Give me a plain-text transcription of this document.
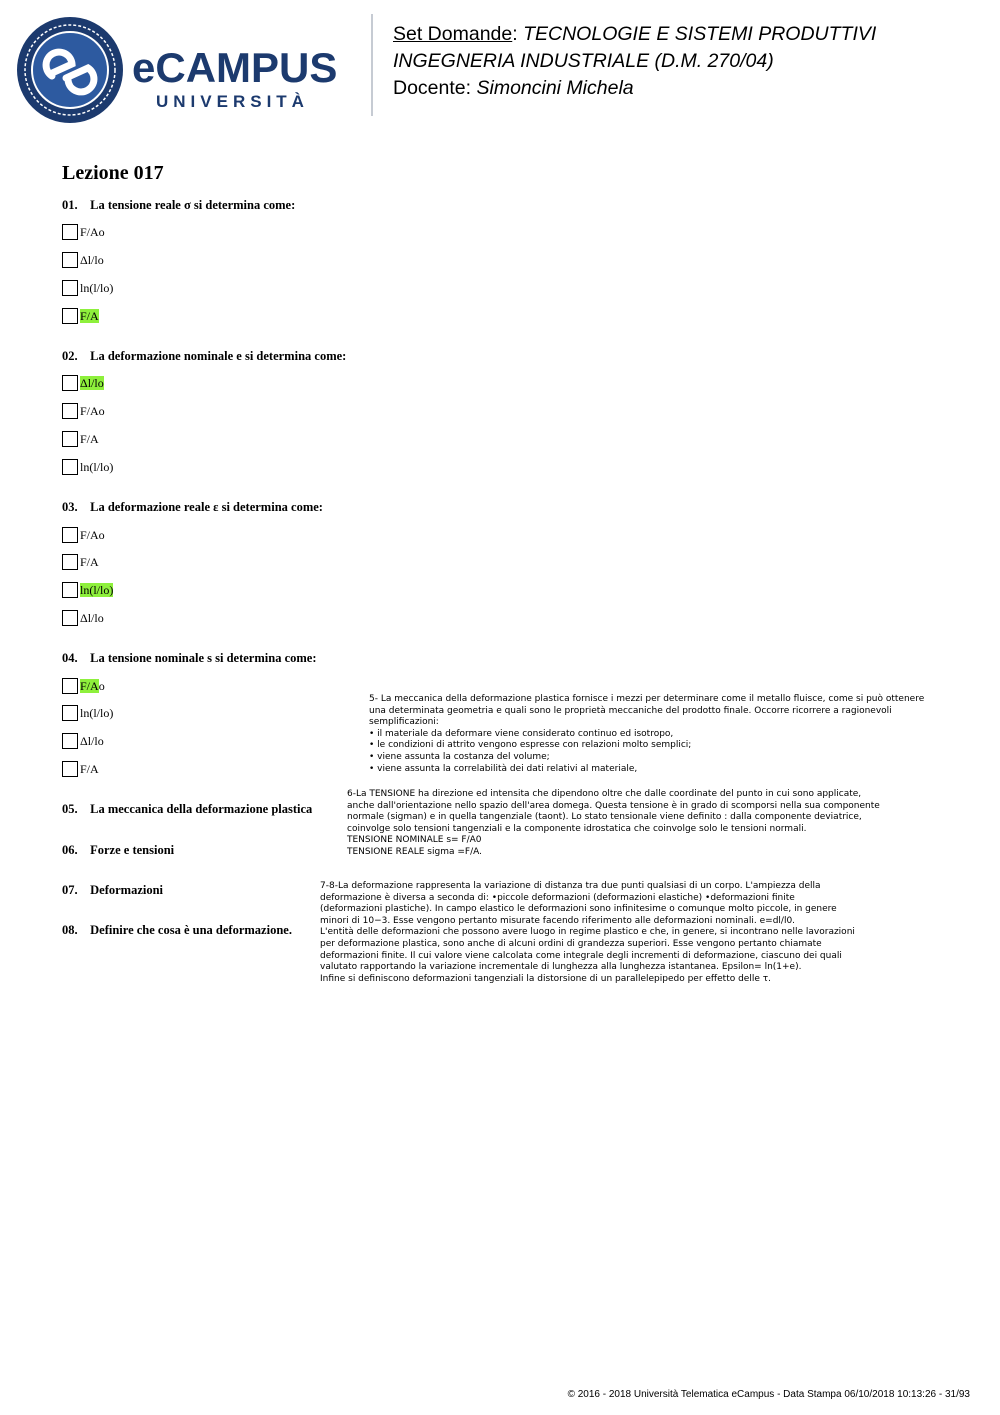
eCAMPUS
UNIVERSITÀ
Set Domande: TECNOLOGIE E SISTEMI PRODUTTIVI
INGEGNERIA INDUSTRIALE (D.M. 270/04)
Docente: Simoncini Michela
Lezione 017
01. La tensione reale σ si determina come:
F/Ao
Δl/lo
ln(l/lo)
F/A
02. La deformazione nominale e si determina come:
Δl/lo
F/Ao
F/A
ln(l/lo)
03. La deformazione reale ε si determina come:
F/Ao
F/A
ln(l/lo)
Δl/lo
04. La tensione nominale s si determina come:
F/Ao
ln(l/lo)
Δl/lo
F/A
05. La meccanica della deformazione plastica
06. Forze e tensioni
07. Deformazioni
08. Definire che cosa è una deformazione.
5- La meccanica della deformazione plastica fornisce i mezzi per determinare come il metallo fluisce, come si può ottenere
una determinata geometria e quali sono le proprietà meccaniche del prodotto finale. Occorre ricorrere a ragionevoli
semplificazioni:
• il materiale da deformare viene considerato continuo ed isotropo,
• le condizioni di attrito vengono espresse con relazioni molto semplici;
• viene assunta la costanza del volume;
• viene assunta la correlabilità dei dati relativi al materiale,
6-La TENSIONE ha direzione ed intensita che dipendono oltre che dalle coordinate del punto in cui sono applicate,
anche dall'orientazione nello spazio dell'area domega. Questa tensione è in grado di scomporsi nella sua componente
normale (sigman) e in quella tangenziale (taont). Lo stato tensionale viene definito : dalla componente deviatrice,
coinvolge solo tensioni tangenziali e la componente idrostatica che coinvolge solo le tensioni normali.
TENSIONE NOMINALE s= F/A0
TENSIONE REALE sigma =F/A.
7-8-La deformazione rappresenta la variazione di distanza tra due punti qualsiasi di un corpo. L'ampiezza della
deformazione è diversa a seconda di: •piccole deformazioni (deformazioni elastiche) •deformazioni finite
(deformazioni plastiche). In campo elastico le deformazioni sono infinitesime o comunque molto piccole, in genere
minori di 10−3. Esse vengono pertanto misurate facendo riferimento alle deformazioni nominali. e=dl/l0.
L'entità delle deformazioni che possono avere luogo in regime plastico e che, in genere, si incontrano nelle lavorazioni
per deformazione plastica, sono anche di alcuni ordini di grandezza superiori. Esse vengono pertanto chiamate
deformazioni finite. Il cui valore viene calcolata come integrale degli incrementi di deformazione, ciascuno dei quali
valutato rapportando la variazione incrementale di lunghezza alla lunghezza istantanea. Epsilon= ln(1+e).
Infine si definiscono deformazioni tangenziali la distorsione di un parallelepipedo per effetto delle τ.
© 2016 - 2018 Università Telematica eCampus - Data Stampa 06/10/2018 10:13:26 - 31/93
